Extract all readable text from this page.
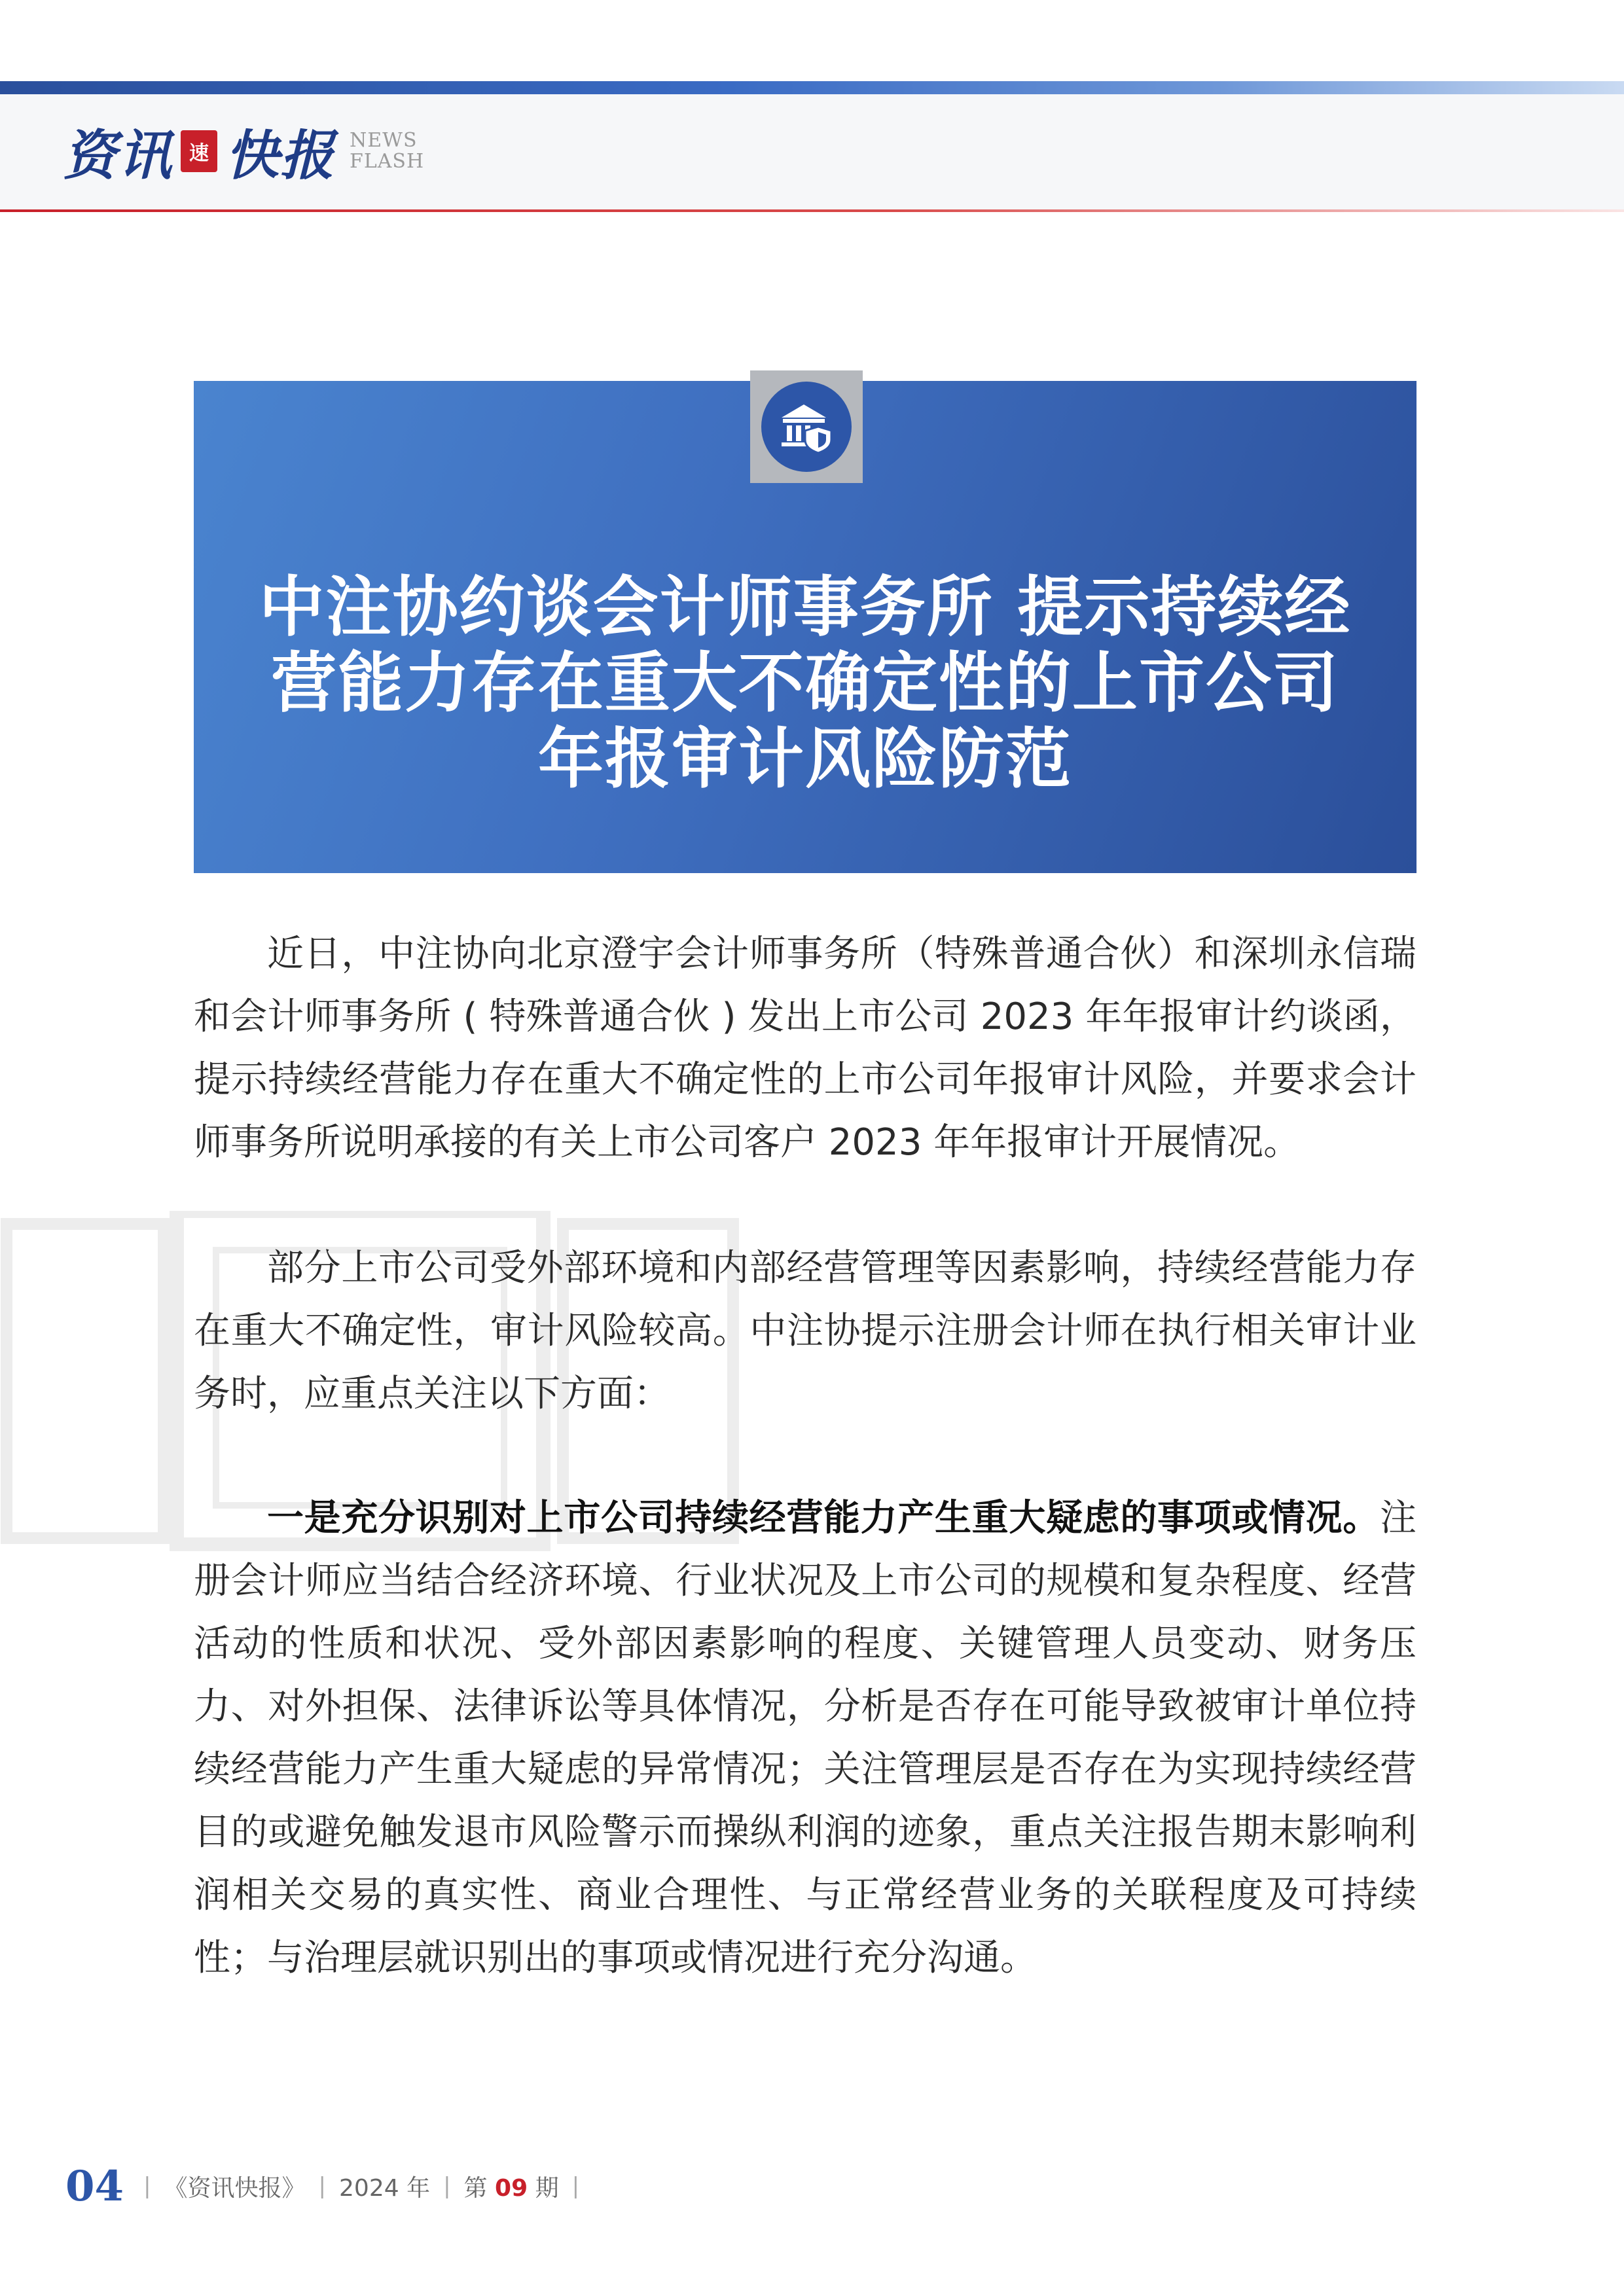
资讯 速 快报 NEWS
FLASH
中注协约谈会计师事务所 提示持续经
营能力存在重大不确定性的上市公司
年报审计风险防范

近日，中注协向北京澄宇会计师事务所（特殊普通合伙）和深圳永信瑞和会计师事务所 ( 特殊普通合伙 ) 发出上市公司 2023 年年报审计约谈函，提示持续经营能力存在重大不确定性的上市公司年报审计风险，并要求会计师事务所说明承接的有关上市公司客户 2023 年年报审计开展情况。

部分上市公司受外部环境和内部经营管理等因素影响，持续经营能力存在重大不确定性，审计风险较高。中注协提示注册会计师在执行相关审计业务时，应重点关注以下方面：

一是充分识别对上市公司持续经营能力产生重大疑虑的事项或情况。注册会计师应当结合经济环境、行业状况及上市公司的规模和复杂程度、经营活动的性质和状况、受外部因素影响的程度、关键管理人员变动、财务压力、对外担保、法律诉讼等具体情况，分析是否存在可能导致被审计单位持续经营能力产生重大疑虑的异常情况；关注管理层是否存在为实现持续经营目的或避免触发退市风险警示而操纵利润的迹象，重点关注报告期末影响利润相关交易的真实性、商业合理性、与正常经营业务的关联程度及可持续性；与治理层就识别出的事项或情况进行充分沟通。

04 | 《资讯快报》 | 2024 年 | 第 09 期 |
